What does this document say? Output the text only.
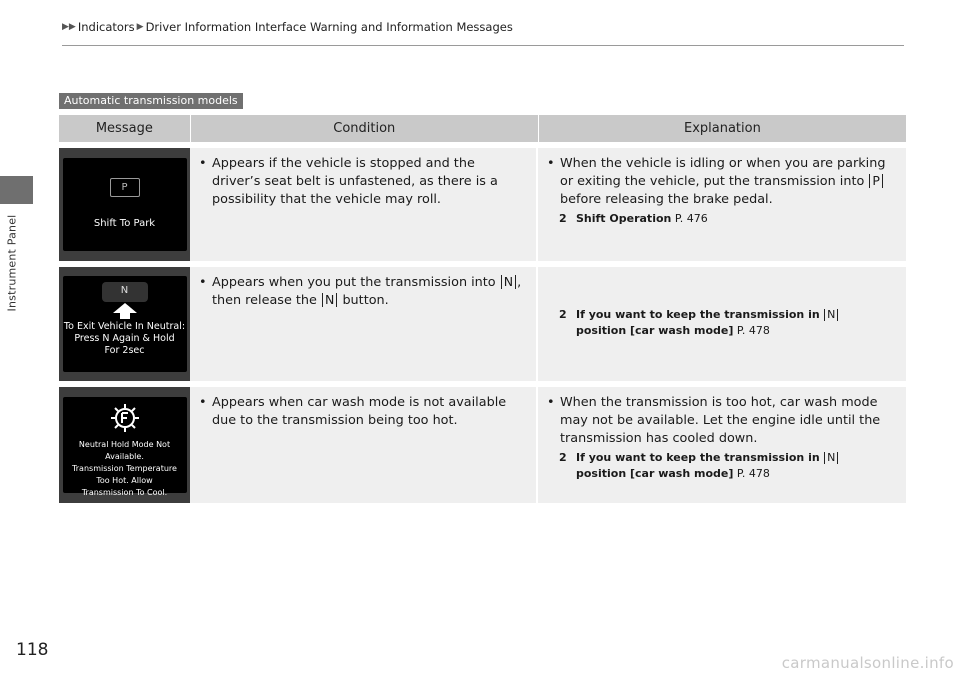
Instrument Panel
▶▶ Indicators ▶ Driver Information Interface Warning and Information Messages
Automatic transmission models
Message	Condition	Explanation
P
Shift To Park
• Appears if the vehicle is stopped and the driver’s seat belt is unfastened, as there is a possibility that the vehicle may roll.
• When the vehicle is idling or when you are parking or exiting the vehicle, put the transmission into P before releasing the brake pedal.
2 Shift Operation P. 476
N
To Exit Vehicle In Neutral:
Press N Again & Hold
For 2sec
• Appears when you put the transmission into N , then release the N button.
2 If you want to keep the transmission in N
position [car wash mode] P. 478
Neutral Hold Mode Not Available.
Transmission Temperature
Too Hot. Allow
Transmission To Cool.
• Appears when car wash mode is not available due to the transmission being too hot.
• When the transmission is too hot, car wash mode may not be available. Let the engine idle until the transmission has cooled down.
2 If you want to keep the transmission in N
position [car wash mode] P. 478
118
carmanualsonline.info
